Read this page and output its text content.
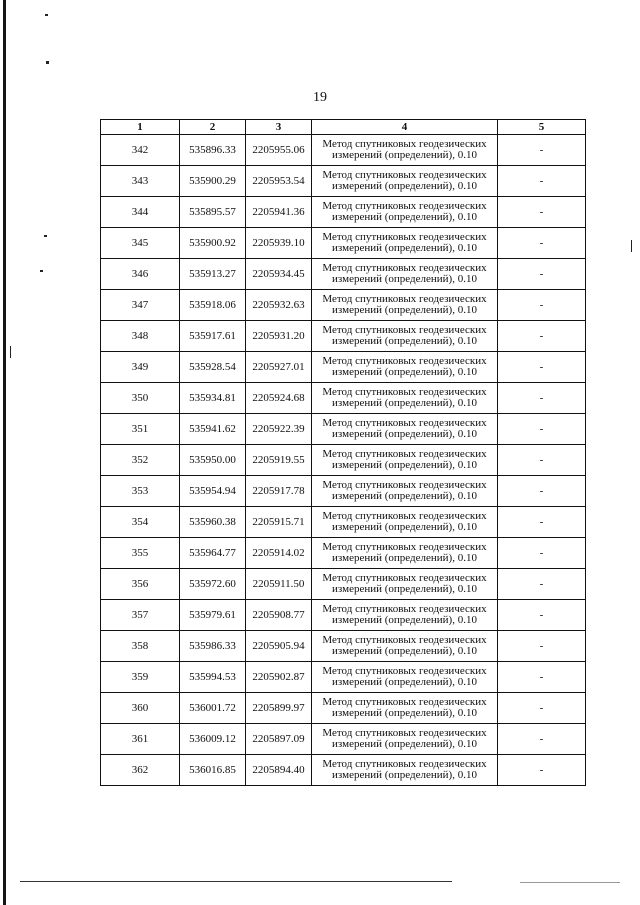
19
1	2	3	4	5
342	535896.33	2205955.06	Метод спутниковых геодезических
измерений (определений), 0.10	-
343	535900.29	2205953.54	Метод спутниковых геодезических
измерений (определений), 0.10	-
344	535895.57	2205941.36	Метод спутниковых геодезических
измерений (определений), 0.10	-
345	535900.92	2205939.10	Метод спутниковых геодезических
измерений (определений), 0.10	-
346	535913.27	2205934.45	Метод спутниковых геодезических
измерений (определений), 0.10	-
347	535918.06	2205932.63	Метод спутниковых геодезических
измерений (определений), 0.10	-
348	535917.61	2205931.20	Метод спутниковых геодезических
измерений (определений), 0.10	-
349	535928.54	2205927.01	Метод спутниковых геодезических
измерений (определений), 0.10	-
350	535934.81	2205924.68	Метод спутниковых геодезических
измерений (определений), 0.10	-
351	535941.62	2205922.39	Метод спутниковых геодезических
измерений (определений), 0.10	-
352	535950.00	2205919.55	Метод спутниковых геодезических
измерений (определений), 0.10	-
353	535954.94	2205917.78	Метод спутниковых геодезических
измерений (определений), 0.10	-
354	535960.38	2205915.71	Метод спутниковых геодезических
измерений (определений), 0.10	-
355	535964.77	2205914.02	Метод спутниковых геодезических
измерений (определений), 0.10	-
356	535972.60	2205911.50	Метод спутниковых геодезических
измерений (определений), 0.10	-
357	535979.61	2205908.77	Метод спутниковых геодезических
измерений (определений), 0.10	-
358	535986.33	2205905.94	Метод спутниковых геодезических
измерений (определений), 0.10	-
359	535994.53	2205902.87	Метод спутниковых геодезических
измерений (определений), 0.10	-
360	536001.72	2205899.97	Метод спутниковых геодезических
измерений (определений), 0.10	-
361	536009.12	2205897.09	Метод спутниковых геодезических
измерений (определений), 0.10	-
362	536016.85	2205894.40	Метод спутниковых геодезических
измерений (определений), 0.10	-
